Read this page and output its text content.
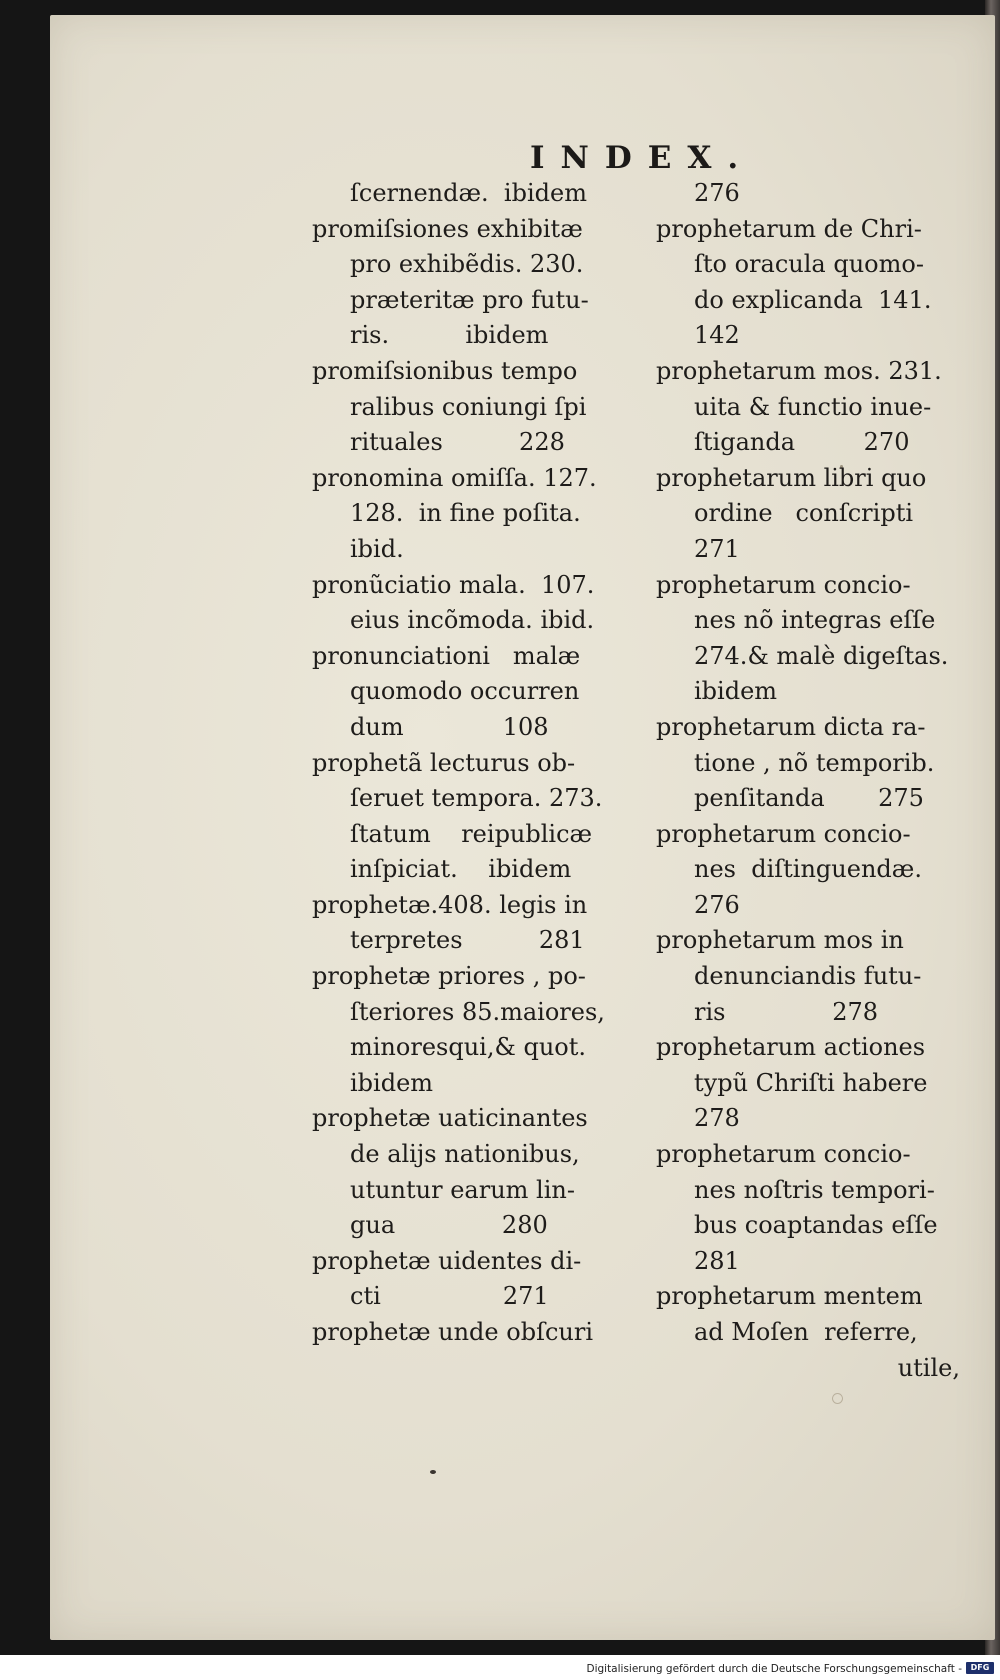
INDEX.
ſcernendæ.  ibidem
promiſsiones exhibitæ
pro exhibẽdis. 230.
præteritæ pro futu-
ris.          ibidem
promiſsionibus tempo
ralibus coniungi ſpi
rituales          228
pronomina omiſſa. 127.
128.  in fine poſita.
ibid.
pronũciatio mala.  107.
eius incõmoda. ibid.
pronunciationi   malæ
quomodo occurren
dum             108
prophetã lecturus ob-
ſeruet tempora. 273.
ſtatum    reipublicæ
inſpiciat.    ibidem
prophetæ.408. legis in
terpretes          281
prophetæ priores , po-
ſteriores 85.maiores,
minoresqui,& quot.
ibidem
prophetæ uaticinantes
de alijs nationibus,
utuntur earum lin-
gua              280
prophetæ uidentes di-
cti                271
prophetæ unde obſcuri
276
prophetarum de Chri-
ſto oracula quomo-
do explicanda  141.
142
prophetarum mos. 231.
uita & functio inue-
ſtiganda         270
prophetarum libri quo
ordine   conſcripti
271
prophetarum concio-
nes nõ integras eſſe
274.& malè digeſtas.
ibidem
prophetarum dicta ra-
tione , nõ temporib.
penſitanda       275
prophetarum concio-
nes  diſtinguendæ.
276
prophetarum mos in
denunciandis futu-
ris              278
prophetarum actiones
typũ Chriſti habere
278
prophetarum concio-
nes noſtris tempori-
bus coaptandas eſſe
281
prophetarum mentem
ad Moſen  referre,
utile,
Digitalisierung gefördert durch die Deutsche Forschungsgemeinschaft -	DFG
